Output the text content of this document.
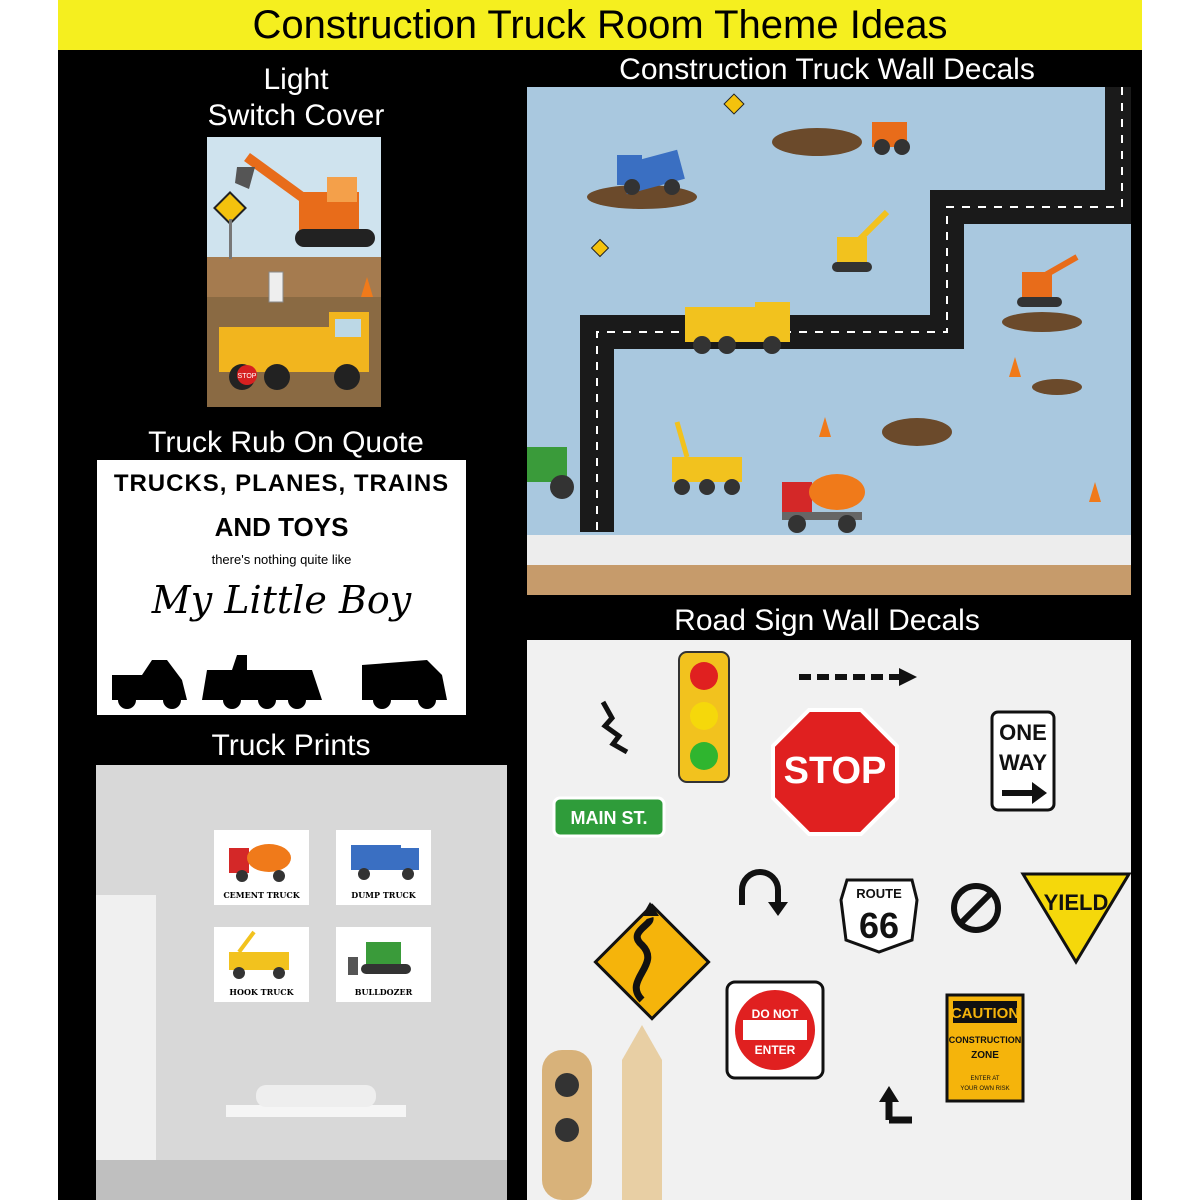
Construction Truck Room Theme Ideas
Light
Switch Cover
STOP
Construction Truck Wall Decals
Truck Rub On Quote
TRUCKS, PLANES, TRAINS
AND TOYS
there's nothing quite like
My Little Boy
Truck Prints
CEMENT TRUCK	DUMP TRUCK
HOOK TRUCK	BULLDOZER
Road Sign Wall Decals
STOP
ONE
WAY
MAIN ST.
ROUTE
66
YIELD
DO NOT
ENTER
CAUTION
CONSTRUCTION
ZONE
ENTER AT
YOUR OWN RISK
